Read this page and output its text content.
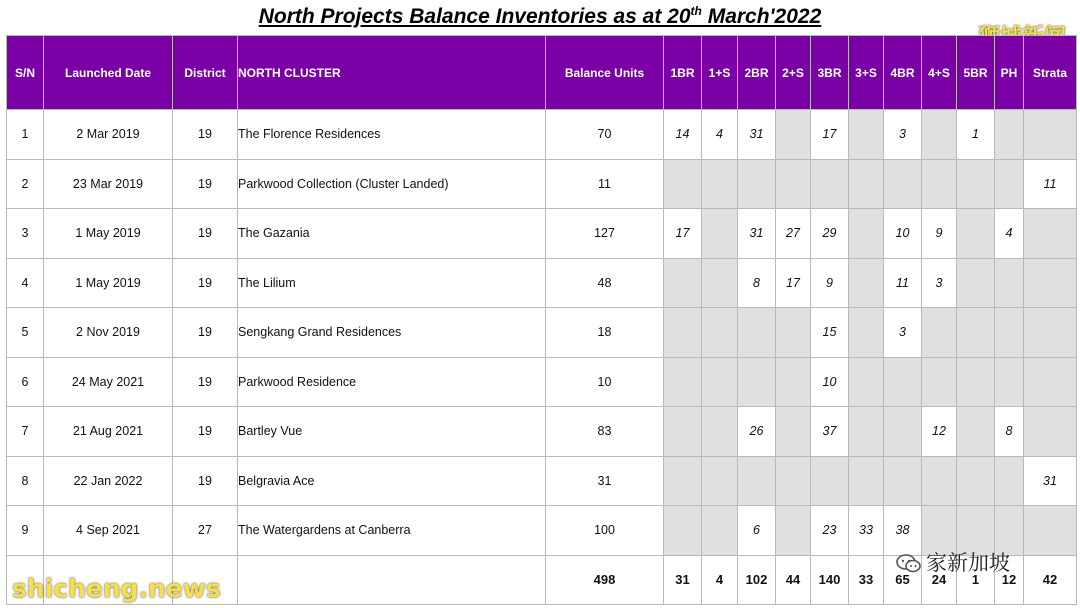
North Projects Balance Inventories as at 20th March'2022
S/N	Launched Date	District	NORTH CLUSTER	Balance Units	1BR	1+S	2BR	2+S	3BR	3+S	4BR	4+S	5BR	PH	Strata
1	2 Mar 2019	19	The Florence Residences	70	14	4	31		17		3		1		
2	23 Mar 2019	19	Parkwood Collection (Cluster Landed)	11											11
3	1 May 2019	19	The Gazania	127	17		31	27	29		10	9		4	
4	1 May 2019	19	The Lilium	48			8	17	9		11	3			
5	2 Nov 2019	19	Sengkang Grand Residences	18					15		3				
6	24 May 2021	19	Parkwood Residence	10					10						
7	21 Aug 2021	19	Bartley Vue	83			26		37			12		8	
8	22 Jan 2022	19	Belgravia Ace	31											31
9	4 Sep 2021	27	The Watergardens at Canberra	100			6		23	33	38				
				498	31	4	102	44	140	33	65	24	1	12	42
家新加坡
shicheng.news
